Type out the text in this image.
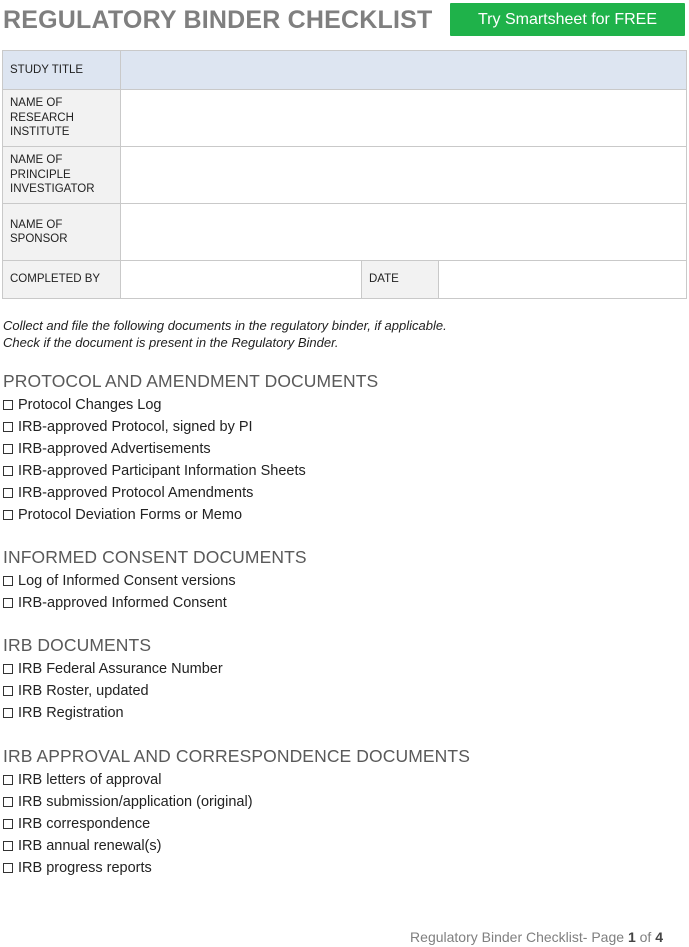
REGULATORY BINDER CHECKLIST	Try Smartsheet for FREE
STUDY TITLE			
NAME OF RESEARCH INSTITUTE			
NAME OF PRINCIPLE INVESTIGATOR			
NAME OF SPONSOR			
COMPLETED BY		DATE	
Collect and file the following documents in the regulatory binder, if applicable.
Check if the document is present in the Regulatory Binder.
PROTOCOL AND AMENDMENT DOCUMENTS
Protocol Changes Log
IRB-approved Protocol, signed by PI
IRB-approved Advertisements
IRB-approved Participant Information Sheets
IRB-approved Protocol Amendments
Protocol Deviation Forms or Memo
INFORMED CONSENT DOCUMENTS
Log of Informed Consent versions
IRB-approved Informed Consent
IRB DOCUMENTS
IRB Federal Assurance Number
IRB Roster, updated
IRB Registration
IRB APPROVAL AND CORRESPONDENCE DOCUMENTS
IRB letters of approval
IRB submission/application (original)
IRB correspondence
IRB annual renewal(s)
IRB progress reports
Regulatory Binder Checklist- Page 1 of 4
